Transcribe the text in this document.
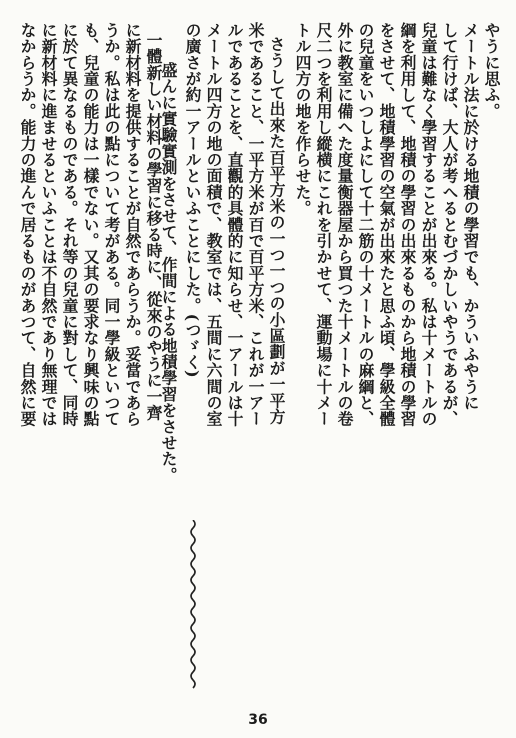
やうに思ふ。
メートル法に於ける地積の學習でも、かういふやうに
して行けば、大人が考へるとむづかしいやうであるが、
兒童は難なく學習することが出來る。私は十メートルの
綱を利用して、地積の學習の出來るものから地積の學習
をさせて、地積學習の空氣が出來たと思ふ頃、學級全體
の兒童をいつしよにして十二筋の十メートルの麻綱と、
外に教室に備へた度量衡器屋から買つた十メートルの卷
尺二つを利用し縱横にこれを引かせて、運動場に十メー
トル四方の地を作らせた。
さうして出來た百平方米の一つ一つの小區劃が一平方
米であること、一平方米が百で百平方米、これが一アー
ルであることを、直觀的具體的に知らせ、一アールは十
メートル四方の地の面積で、教室では、五間に六間の室
の廣さが約一アールといふことにした。(つゞく)
盛んに實驗實測をさせて、作間による地積學習をさせた。
36
一體新しい材料の學習に移る時に、從來のやうに一齊
に新材料を提供することが自然であらうか。妥當であら
うか。私は此の點について考がある。同一學級といつて
も、兒童の能力は一樣でない。又其の要求なり興味の點
に於て異なるものである。それ等の兒童に對して、同時
に新材料に進ませるといふことは不自然であり無理では
なからうか。能力の進んで居るものがあつて、自然に要
